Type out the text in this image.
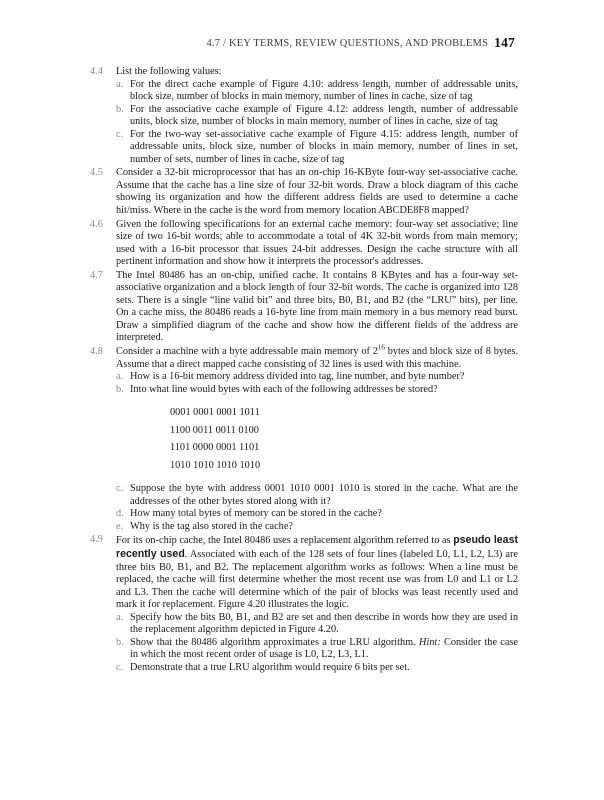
4.7 / KEY TERMS, REVIEW QUESTIONS, AND PROBLEMS 147
4.4 List the following values:
a. For the direct cache example of Figure 4.10: address length, number of addressable units, block size, number of blocks in main memory, number of lines in cache, size of tag
b. For the associative cache example of Figure 4.12: address length, number of addressable units, block size, number of blocks in main memory, number of lines in cache, size of tag
c. For the two-way set-associative cache example of Figure 4.15: address length, number of addressable units, block size, number of blocks in main memory, number of lines in set, number of sets, number of lines in cache, size of tag
4.5 Consider a 32-bit microprocessor that has an on-chip 16-KByte four-way set-associative cache. Assume that the cache has a line size of four 32-bit words. Draw a block diagram of this cache showing its organization and how the different address fields are used to determine a cache hit/miss. Where in the cache is the word from memory location ABCDE8F8 mapped?
4.6 Given the following specifications for an external cache memory: four-way set associative; line size of two 16-bit words; able to accommodate a total of 4K 32-bit words from main memory; used with a 16-bit processor that issues 24-bit addresses. Design the cache structure with all pertinent information and show how it interprets the processor's addresses.
4.7 The Intel 80486 has an on-chip, unified cache. It contains 8 KBytes and has a four-way set-associative organization and a block length of four 32-bit words. The cache is organized into 128 sets. There is a single “line valid bit” and three bits, B0, B1, and B2 (the “LRU” bits), per line. On a cache miss, the 80486 reads a 16-byte line from main memory in a bus memory read burst. Draw a simplified diagram of the cache and show how the different fields of the address are interpreted.
4.8 Consider a machine with a byte addressable main memory of $2^{16}$ bytes and block size of 8 bytes. Assume that a direct mapped cache consisting of 32 lines is used with this machine.
a. How is a 16-bit memory address divided into tag, line number, and byte number?
b. Into what line would bytes with each of the following addresses be stored?
0001 0001 0001 1011
1100 0011 0011 0100
1101 0000 0001 1101
1010 1010 1010 1010
c. Suppose the byte with address 0001 1010 0001 1010 is stored in the cache. What are the addresses of the other bytes stored along with it?
d. How many total bytes of memory can be stored in the cache?
e. Why is the tag also stored in the cache?
4.9 For its on-chip cache, the Intel 80486 uses a replacement algorithm referred to as pseudo least recently used. Associated with each of the 128 sets of four lines (labeled L0, L1, L2, L3) are three bits B0, B1, and B2. The replacement algorithm works as follows: When a line must be replaced, the cache will first determine whether the most recent use was from L0 and L1 or L2 and L3. Then the cache will determine which of the pair of blocks was least recently used and mark it for replacement. Figure 4.20 illustrates the logic.
a. Specify how the bits B0, B1, and B2 are set and then describe in words how they are used in the replacement algorithm depicted in Figure 4.20.
b. Show that the 80486 algorithm approximates a true LRU algorithm. Hint: Consider the case in which the most recent order of usage is L0, L2, L3, L1.
c. Demonstrate that a true LRU algorithm would require 6 bits per set.
